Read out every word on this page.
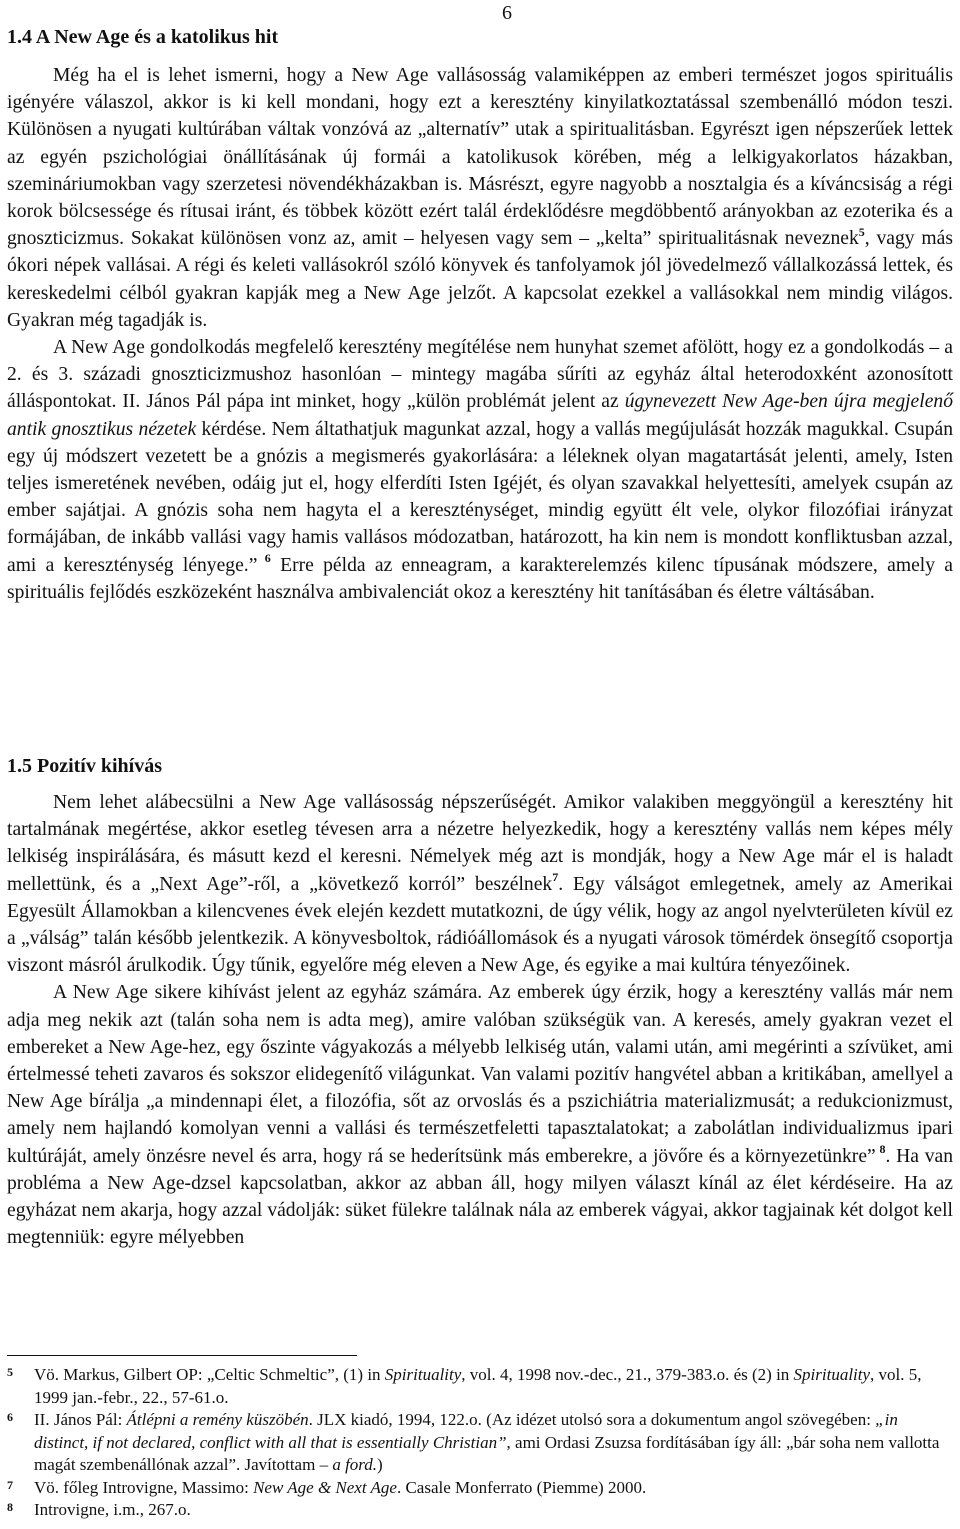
6
1.4 A New Age és a katolikus hit

Még ha el is lehet ismerni, hogy a New Age vallásosság valamiképpen az emberi természet jogos spirituális igényére válaszol, akkor is ki kell mondani, hogy ezt a keresztény kinyilatkoztatással szembenálló módon teszi. Különösen a nyugati kultúrában váltak vonzóvá az „alternatív” utak a spiritualitásban. Egyrészt igen népszerűek lettek az egyén pszichológiai önállításának új formái a katolikusok körében, még a lelkigyakorlatos házakban, szemináriumokban vagy szerzetesi növendékházakban is. Másrészt, egyre nagyobb a nosztalgia és a kíváncsiság a régi korok bölcsessége és rítusai iránt, és többek között ezért talál érdeklődésre megdöbbentő arányokban az ezoterika és a gnoszticizmus. Sokakat különösen vonz az, amit – helyesen vagy sem – „kelta” spiritualitásnak neveznek$^5$, vagy más ókori népek vallásai. A régi és keleti vallásokról szóló könyvek és tanfolyamok jól jövedelmező vállalkozássá lettek, és kereskedelmi célból gyakran kapják meg a New Age jelzőt. A kapcsolat ezekkel a vallásokkal nem mindig világos. Gyakran még tagadják is.

A New Age gondolkodás megfelelő keresztény megítélése nem hunyhat szemet afölött, hogy ez a gondolkodás – a 2. és 3. századi gnoszticizmushoz hasonlóan – mintegy magába sűríti az egyház által heterodoxként azonosított álláspontokat. II. János Pál pápa int minket, hogy „külön problémát jelent az úgynevezett New Age-ben újra megjelenő antik gnosztikus nézetek kérdése. Nem áltathatjuk magunkat azzal, hogy a vallás megújulását hozzák magukkal. Csupán egy új módszert vezetett be a gnózis a megismerés gyakorlására: a léleknek olyan magatartását jelenti, amely, Isten teljes ismeretének nevében, odáig jut el, hogy elferdíti Isten Igéjét, és olyan szavakkal helyettesíti, amelyek csupán az ember sajátjai. A gnózis soha nem hagyta el a kereszténységet, mindig együtt élt vele, olykor filozófiai irányzat formájában, de inkább vallási vagy hamis vallásos módozatban, határozott, ha kin nem is mondott konfliktusban azzal, ami a kereszténység lényege.” $^6$ Erre példa az enneagram, a karakterelemzés kilenc típusának módszere, amely a spirituális fejlődés eszközeként használva ambivalenciát okoz a keresztény hit tanításában és életre váltásában.

1.5 Pozitív kihívás

Nem lehet alábecsülni a New Age vallásosság népszerűségét. Amikor valakiben meggyöngül a keresztény hit tartalmának megértése, akkor esetleg tévesen arra a nézetre helyezkedik, hogy a keresztény vallás nem képes mély lelkiség inspirálására, és másutt kezd el keresni. Némelyek még azt is mondják, hogy a New Age már el is haladt mellettünk, és a „Next Age”-ről, a „következő korról” beszélnek$^7$. Egy válságot emlegetnek, amely az Amerikai Egyesült Államokban a kilencvenes évek elején kezdett mutatkozni, de úgy vélik, hogy az angol nyelvterületen kívül ez a „válság” talán később jelentkezik. A könyvesboltok, rádióállomások és a nyugati városok tömérdek önsegítő csoportja viszont másról árulkodik. Úgy tűnik, egyelőre még eleven a New Age, és egyike a mai kultúra tényezőinek.

A New Age sikere kihívást jelent az egyház számára. Az emberek úgy érzik, hogy a keresztény vallás már nem adja meg nekik azt (talán soha nem is adta meg), amire valóban szükségük van. A keresés, amely gyakran vezet el embereket a New Age-hez, egy őszinte vágyakozás a mélyebb lelkiség után, valami után, ami megérinti a szívüket, ami értelmessé teheti zavaros és sokszor elidegenítő világunkat. Van valami pozitív hangvétel abban a kritikában, amellyel a New Age bírálja „a mindennapi élet, a filozófia, sőt az orvoslás és a pszichiátria materializmusát; a redukcionizmust, amely nem hajlandó komolyan venni a vallási és természetfeletti tapasztalatokat; a zabolátlan individualizmus ipari kultúráját, amely önzésre nevel és arra, hogy rá se hederítsünk más emberekre, a jövőre és a környezetünkre” $^8$. Ha van probléma a New Age-dzsel kapcsolatban, akkor az abban áll, hogy milyen választ kínál az élet kérdéseire. Ha az egyházat nem akarja, hogy azzal vádolják: süket fülekre találnak nála az emberek vágyai, akkor tagjainak két dolgot kell megtenniük: egyre mélyebben

5 Vö. Markus, Gilbert OP: „Celtic Schmeltic”, (1) in Spirituality, vol. 4, 1998 nov.-dec., 21., 379-383.o. és (2) in Spirituality, vol. 5, 1999 jan.-febr., 22., 57-61.o.
6 II. János Pál: Átlépni a remény küszöbén. JLX kiadó, 1994, 122.o. (Az idézet utolsó sora a dokumentum angol szövegében: „in distinct, if not declared, conflict with all that is essentially Christian”, ami Ordasi Zsuzsa fordításában így áll: „bár soha nem vallotta magát szembenállónak azzal”. Javítottam – a ford.)
7 Vö. főleg Introvigne, Massimo: New Age & Next Age. Casale Monferrato (Piemme) 2000.
8 Introvigne, i.m., 267.o.
